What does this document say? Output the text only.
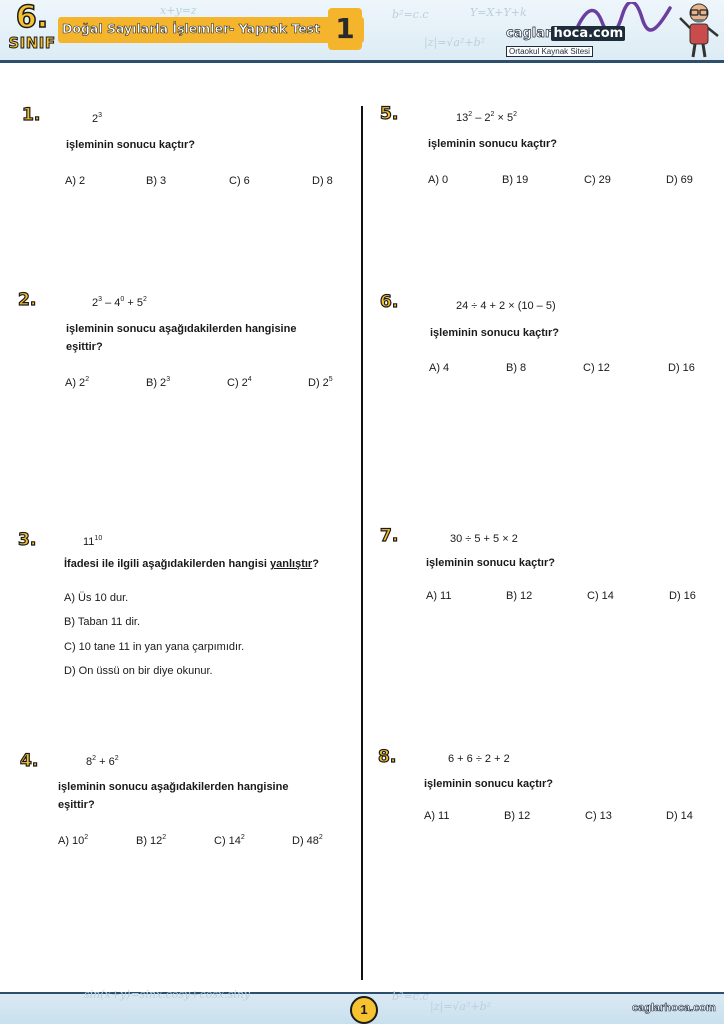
x+y=z	b²=c.c
|z|=√a²+b²
Y=X+Y+k
6.
SINIF
Doğal Sayılarla İşlemler- Yaprak Test 1	caglar hoca.com
Ortaokul Kaynak Sitesi
1.	$2^3$
işleminin sonucu kaçtır?
A) 2	B) 3	C) 6	D) 8
2.	$2^3 - 4^0 + 5^2$
işleminin sonucu aşağıdakilerden hangisine
eşittir?
A) $2^2$	B) $2^3$	C) $2^4$	D) $2^5$
3.	$11^{10}$
İfadesi ile ilgili aşağıdakilerden hangisi yanlıştır?
A) Üs 10 dur.
B) Taban 11 dir.
C) 10 tane 11 in yan yana çarpımıdır.
D) On üssü on bir diye okunur.
4.	$8^2 + 6^2$
işleminin sonucu aşağıdakilerden hangisine
eşittir?
A) $10^2$	B) $12^2$	C) $14^2$	D) $48^2$
5.	$13^2 - 2^2 \times 5^2$
işleminin sonucu kaçtır?
A) 0	B) 19	C) 29	D) 69
6.	24 ÷ 4 + 2 × (10 – 5)
işleminin sonucu kaçtır?
A) 4	B) 8	C) 12	D) 16
7.	30 ÷ 5 + 5 × 2
işleminin sonucu kaçtır?
A) 11	B) 12	C) 14	D) 16
8.	6 + 6 ÷ 2 + 2
işleminin sonucu kaçtır?
A) 11	B) 12	C) 13	D) 14
sin(x+y)=sinx.cosy+cosx.siny	b²=c.c
|z|=√a²+b²
1	caglarhoca.com
